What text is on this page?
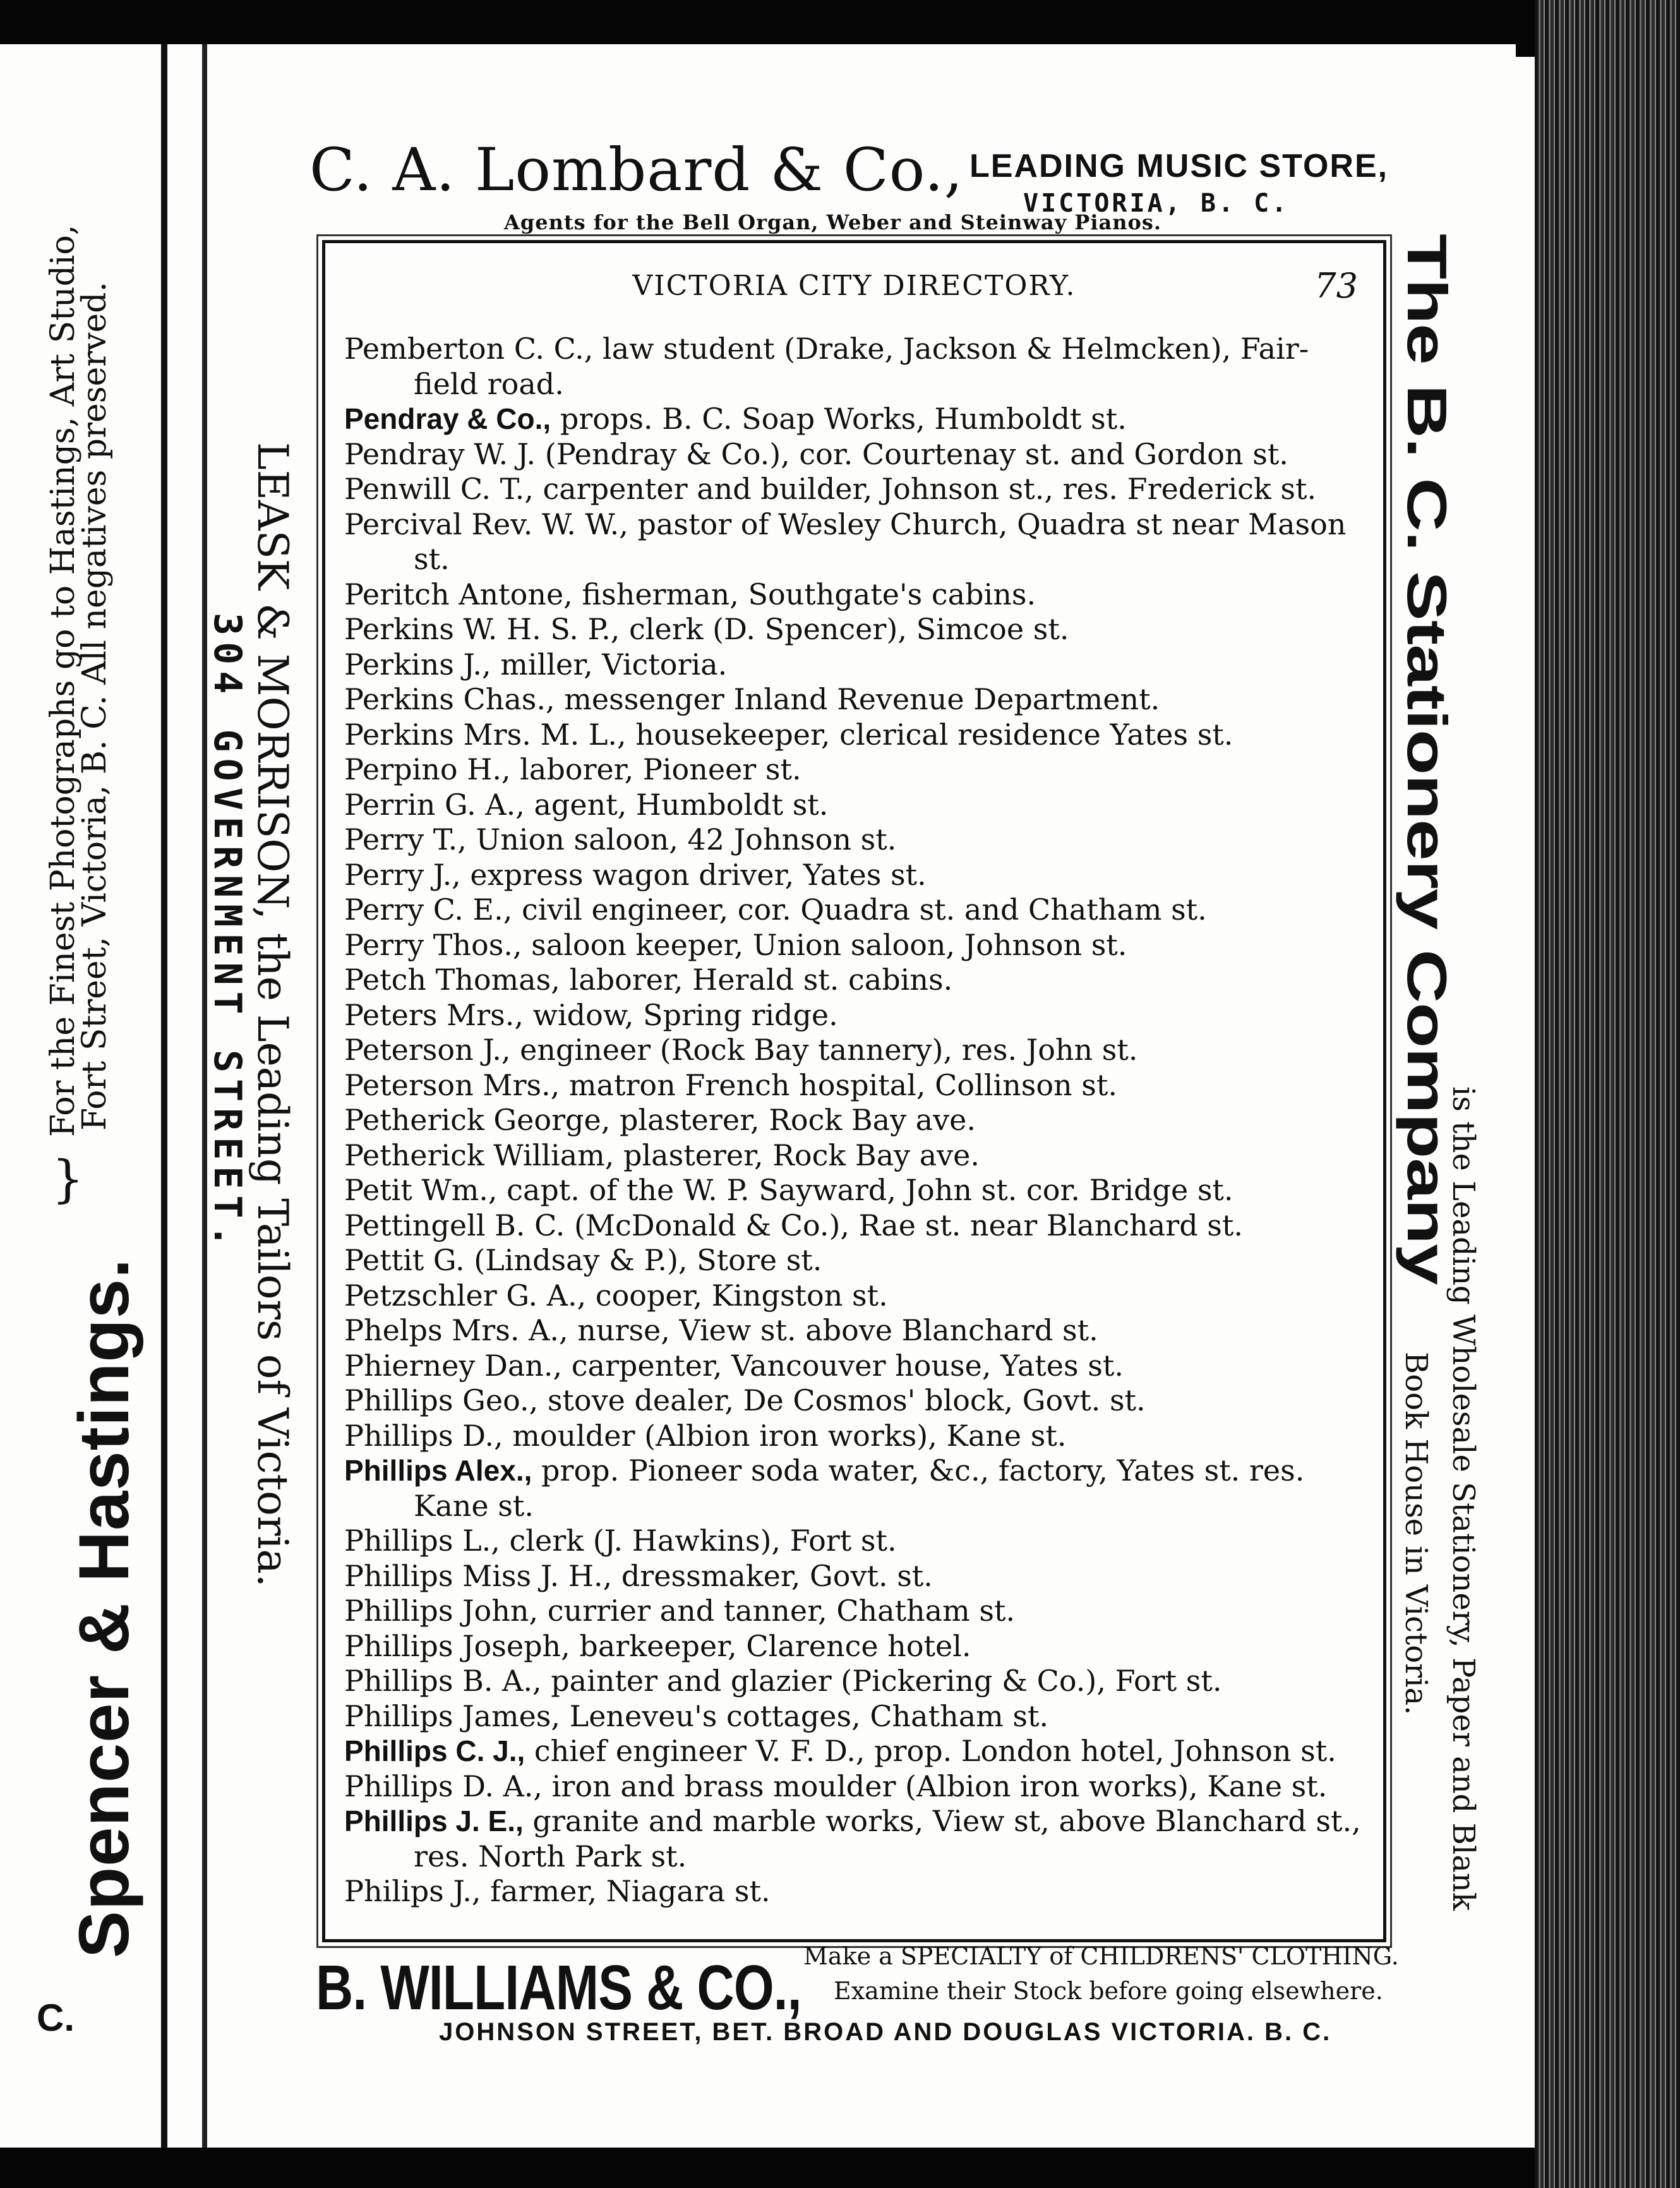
For the Finest Photographs go to Hastings, Art Studio,
Fort Street, Victoria, B. C. All negatives preserved.
}
Spencer & Hastings.
C.
LEASK & MORRISON, the Leading Tailors of Victoria.
304 GOVERNMENT STREET.	The B. C. Stationery Company
is the Leading Wholesale Stationery, Paper and Blank
Book House in Victoria.
C. A. Lombard & Co., LEADING MUSIC STORE,
VICTORIA, B. C.
Agents for the Bell Organ, Weber and Steinway Pianos.
VICTORIA CITY DIRECTORY.	73
Pemberton C. C., law student (Drake, Jackson & Helmcken), Fair- field road.
Pendray & Co., props. B. C. Soap Works, Humboldt st.
Pendray W. J. (Pendray & Co.), cor. Courtenay st. and Gordon st.
Penwill C. T., carpenter and builder, Johnson st., res. Frederick st.
Percival Rev. W. W., pastor of Wesley Church, Quadra st near Mason st.
Peritch Antone, fisherman, Southgate's cabins.
Perkins W. H. S. P., clerk (D. Spencer), Simcoe st.
Perkins J., miller, Victoria.
Perkins Chas., messenger Inland Revenue Department.
Perkins Mrs. M. L., housekeeper, clerical residence Yates st.
Perpino H., laborer, Pioneer st.
Perrin G. A., agent, Humboldt st.
Perry T., Union saloon, 42 Johnson st.
Perry J., express wagon driver, Yates st.
Perry C. E., civil engineer, cor. Quadra st. and Chatham st.
Perry Thos., saloon keeper, Union saloon, Johnson st.
Petch Thomas, laborer, Herald st. cabins.
Peters Mrs., widow, Spring ridge.
Peterson J., engineer (Rock Bay tannery), res. John st.
Peterson Mrs., matron French hospital, Collinson st.
Petherick George, plasterer, Rock Bay ave.
Petherick William, plasterer, Rock Bay ave.
Petit Wm., capt. of the W. P. Sayward, John st. cor. Bridge st.
Pettingell B. C. (McDonald & Co.), Rae st. near Blanchard st.
Pettit G. (Lindsay & P.), Store st.
Petzschler G. A., cooper, Kingston st.
Phelps Mrs. A., nurse, View st. above Blanchard st.
Phierney Dan., carpenter, Vancouver house, Yates st.
Phillips Geo., stove dealer, De Cosmos' block, Govt. st.
Phillips D., moulder (Albion iron works), Kane st.
Phillips Alex., prop. Pioneer soda water, &c., factory, Yates st. res. Kane st.
Phillips L., clerk (J. Hawkins), Fort st.
Phillips Miss J. H., dressmaker, Govt. st.
Phillips John, currier and tanner, Chatham st.
Phillips Joseph, barkeeper, Clarence hotel.
Phillips B. A., painter and glazier (Pickering & Co.), Fort st.
Phillips James, Leneveu's cottages, Chatham st.
Phillips C. J., chief engineer V. F. D., prop. London hotel, Johnson st.
Phillips D. A., iron and brass moulder (Albion iron works), Kane st.
Phillips J. E., granite and marble works, View st, above Blanchard st., res. North Park st.
Philips J., farmer, Niagara st.
B. WILLIAMS & CO., Make a SPECIALTY of CHILDRENS' CLOTHING.
Examine their Stock before going elsewhere.
JOHNSON STREET, BET. BROAD AND DOUGLAS VICTORIA. B. C.
